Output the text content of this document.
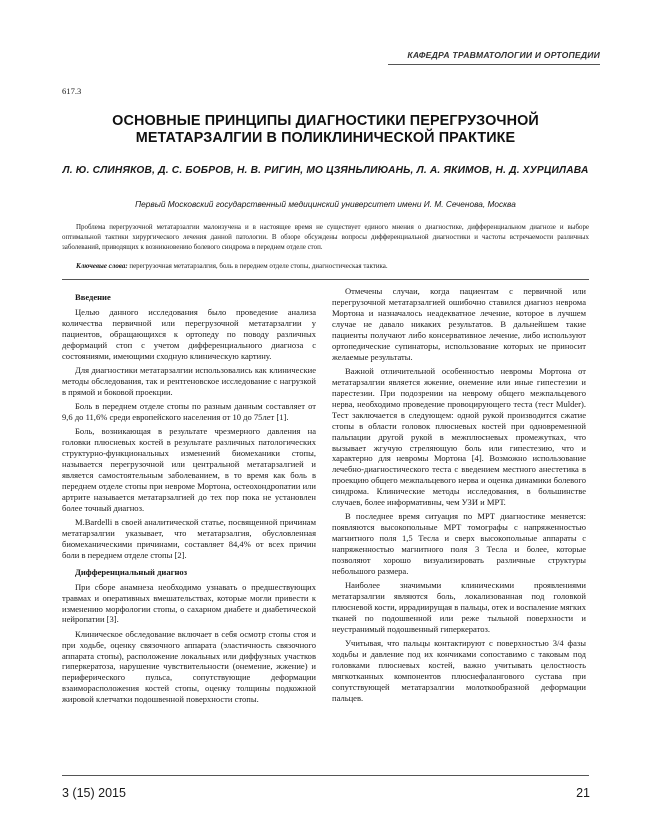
КАФЕДРА ТРАВМАТОЛОГИИ И ОРТОПЕДИИ
617.3
ОСНОВНЫЕ ПРИНЦИПЫ ДИАГНОСТИКИ ПЕРЕГРУЗОЧНОЙ МЕТАТАРЗАЛГИИ В ПОЛИКЛИНИЧЕСКОЙ ПРАКТИКЕ
Л. Ю. СЛИНЯКОВ, Д. С. БОБРОВ, Н. В. РИГИН, МО ЦЗЯНЬЛИЮАНЬ, Л. А. ЯКИМОВ, Н. Д. ХУРЦИЛАВА
Первый Московский государственный медицинский университет имени И. М. Сеченова, Москва

Проблема перегрузочной метатарзалгии малоизучена и в настоящее время не существует единого мнения о диагностике, дифференциальном диагнозе и выборе оптимальной тактики хирургического лечения данной патологии. В обзоре обсуждены вопросы дифференциальной диагностики и частоты встречаемости различных заболеваний, приводящих к возникновению болевого синдрома в переднем отделе стоп.

Ключевые слова: перегрузочная метатарзалгия, боль в переднем отделе стопы, диагностическая тактика.
Введение

Целью данного исследования было проведение анализа количества первичной или перегрузочной метатарзалгии у пациентов, обращающихся к ортопеду по поводу различных деформаций стоп с учетом дифференциального диагноза с состояниями, имеющими сходную клиническую картину.

Для диагностики метатарзалгии использовались как клинические методы обследования, так и рентгеновское исследование с нагрузкой в прямой и боковой проекции.

Боль в переднем отделе стопы по разным данным составляет от 9,6 до 11,6% среди европейского населения от 10 до 75лет [1].

Боль, возникающая в результате чрезмерного давления на головки плюсневых костей в результате различных патологических структурно-функциональных изменений биомеханики стопы, называется перегрузочной или центральной метатарзалгией и является самостоятельным заболеванием, в то время как боль в переднем отделе стопы при невроме Мортона, остеохондропатии или артрите называется метатарзалгией до тех пор пока не установлен более точный диагноз.

M.Bardelli в своей аналитической статье, посвященной причинам метатарзалгии указывает, что метатарзалгия, обусловленная биомеханическими причинами, составляет 84,4% от всех причин боли в переднем отделе стопы [2].

Дифференциальный диагноз

При сборе анамнеза необходимо узнавать о предшествующих травмах и оперативных вмешательствах, которые могли привести к изменению морфологии стопы, о сахарном диабете и диабетической нейропатии [3].

Клиническое обследование включает в себя осмотр стопы стоя и при ходьбе, оценку связочного аппарата (эластичность связочного аппарата стопы), расположение локальных или диффузных участков гиперкератоза, нарушение чувствительности (онемение, жжение) и периферического пульса, сопутствующие деформации взаиморасположения костей стопы, оценку толщины подкожной жировой клетчатки подошвенной поверхности стопы.

Отмечены случаи, когда пациентам с первичной или перегрузочной метатарзалгией ошибочно ставился диагноз невромa Мортона и назначалось неадекватное лечение, которое в лучшем случае не давало никаких результатов. В дальнейшем такие пациенты получают либо консервативное лечение, либо используют ортопедические супинаторы, использование которых не приносит желаемые результаты.

Важной отличительной особенностью невромы Мортона от метатарзалгии является жжение, онемение или иные гипестезии и парестезии. При подозрении на неврому общего межпальцевого нерва, необходимо проведение провоцирующего теста (тест Mulder). Тест заключается в следующем: одной рукой производится сжатие стопы в области головок плюсневых костей при одновременной пальпации другой рукой в межплюсневых промежутках, что вызывает жгучую стреляющую боль или гипестезию, что и характерно для невромы Мортона [4]. Возможно использование лечебно-диагностического теста с введением местного анестетика в проекцию общего межпальцевого нерва и оценка динамики болевого синдрома. Клинические методы исследования, в большинстве случаев, более информативны, чем УЗИ и МРТ.

В последнее время ситуация по МРТ диагностике меняется: появляются высокопольные МРТ томографы с напряженностью магнитного поля 1,5 Тесла и сверх высокопольные аппараты с напряженностью магнитного поля 3 Тесла и более, которые позволяют хорошо визуализировать различные структуры небольшого размера.

Наиболее значимыми клиническими проявлениями метатарзалгии являются боль, локализованная под головкой плюсневой кости, иррадиирущая в пальцы, отек и воспаление мягких тканей по подошвенной или реже тыльной поверхности и неустранимый подошвенный гиперкератоз.

Учитывая, что пальцы контактируют с поверхностью 3/4 фазы ходьбы и давление под их кончиками сопоставимо с таковым под головками плюсневых костей, важно учитывать целостность мягкотканных компонентов плюснефалангового сустава при сопутствующей метатарзалгии молоткообразной деформации пальцев.

3 (15) 2015	21
